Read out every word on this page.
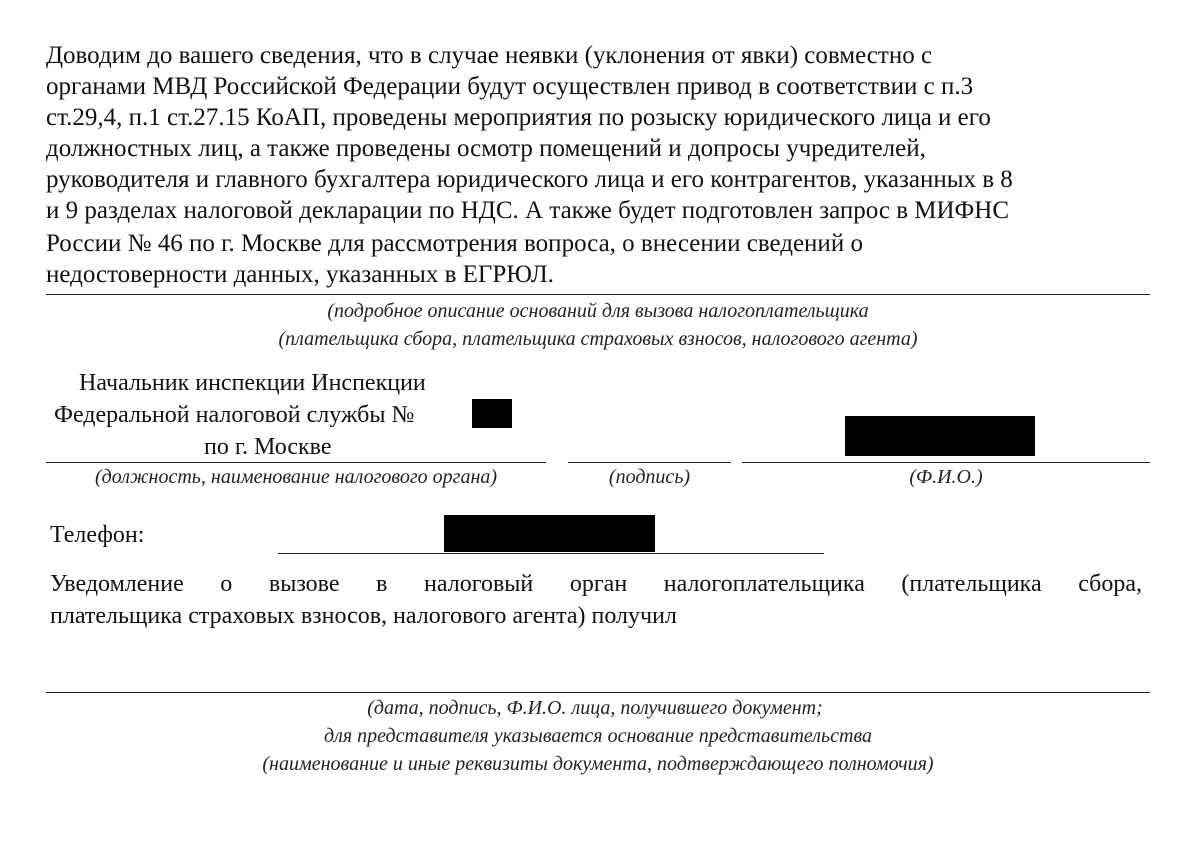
Доводим до вашего сведения, что в случае неявки (уклонения от явки) совместно с
органами МВД Российской Федерации будут осуществлен привод в соответствии с п.3
ст.29,4, п.1 ст.27.15 КоАП, проведены мероприятия по розыску юридического лица и его
должностных лиц, а также проведены осмотр помещений и допросы учредителей,
руководителя и главного бухгалтера юридического лица и его контрагентов, указанных в 8
и 9 разделах налоговой декларации по НДС. А также будет подготовлен запрос в МИФНС
России № 46 по г. Москве для рассмотрения вопроса, о внесении сведений о
недостоверности данных, указанных в ЕГРЮЛ.
(подробное описание оснований для вызова налогоплательщика
(плательщика сбора, плательщика страховых взносов, налогового агента)
Начальник инспекции Инспекции
Федеральной налоговой службы №
по г. Москве
(должность, наименование налогового органа)	(подпись)	(Ф.И.О.)
Телефон:
Уведомление о вызове в налоговый орган налогоплательщика (плательщика сбора,
плательщика страховых взносов, налогового агента) получил
(дата, подпись, Ф.И.О. лица, получившего документ;
для представителя указывается основание представительства
(наименование и иные реквизиты документа, подтверждающего полномочия)
